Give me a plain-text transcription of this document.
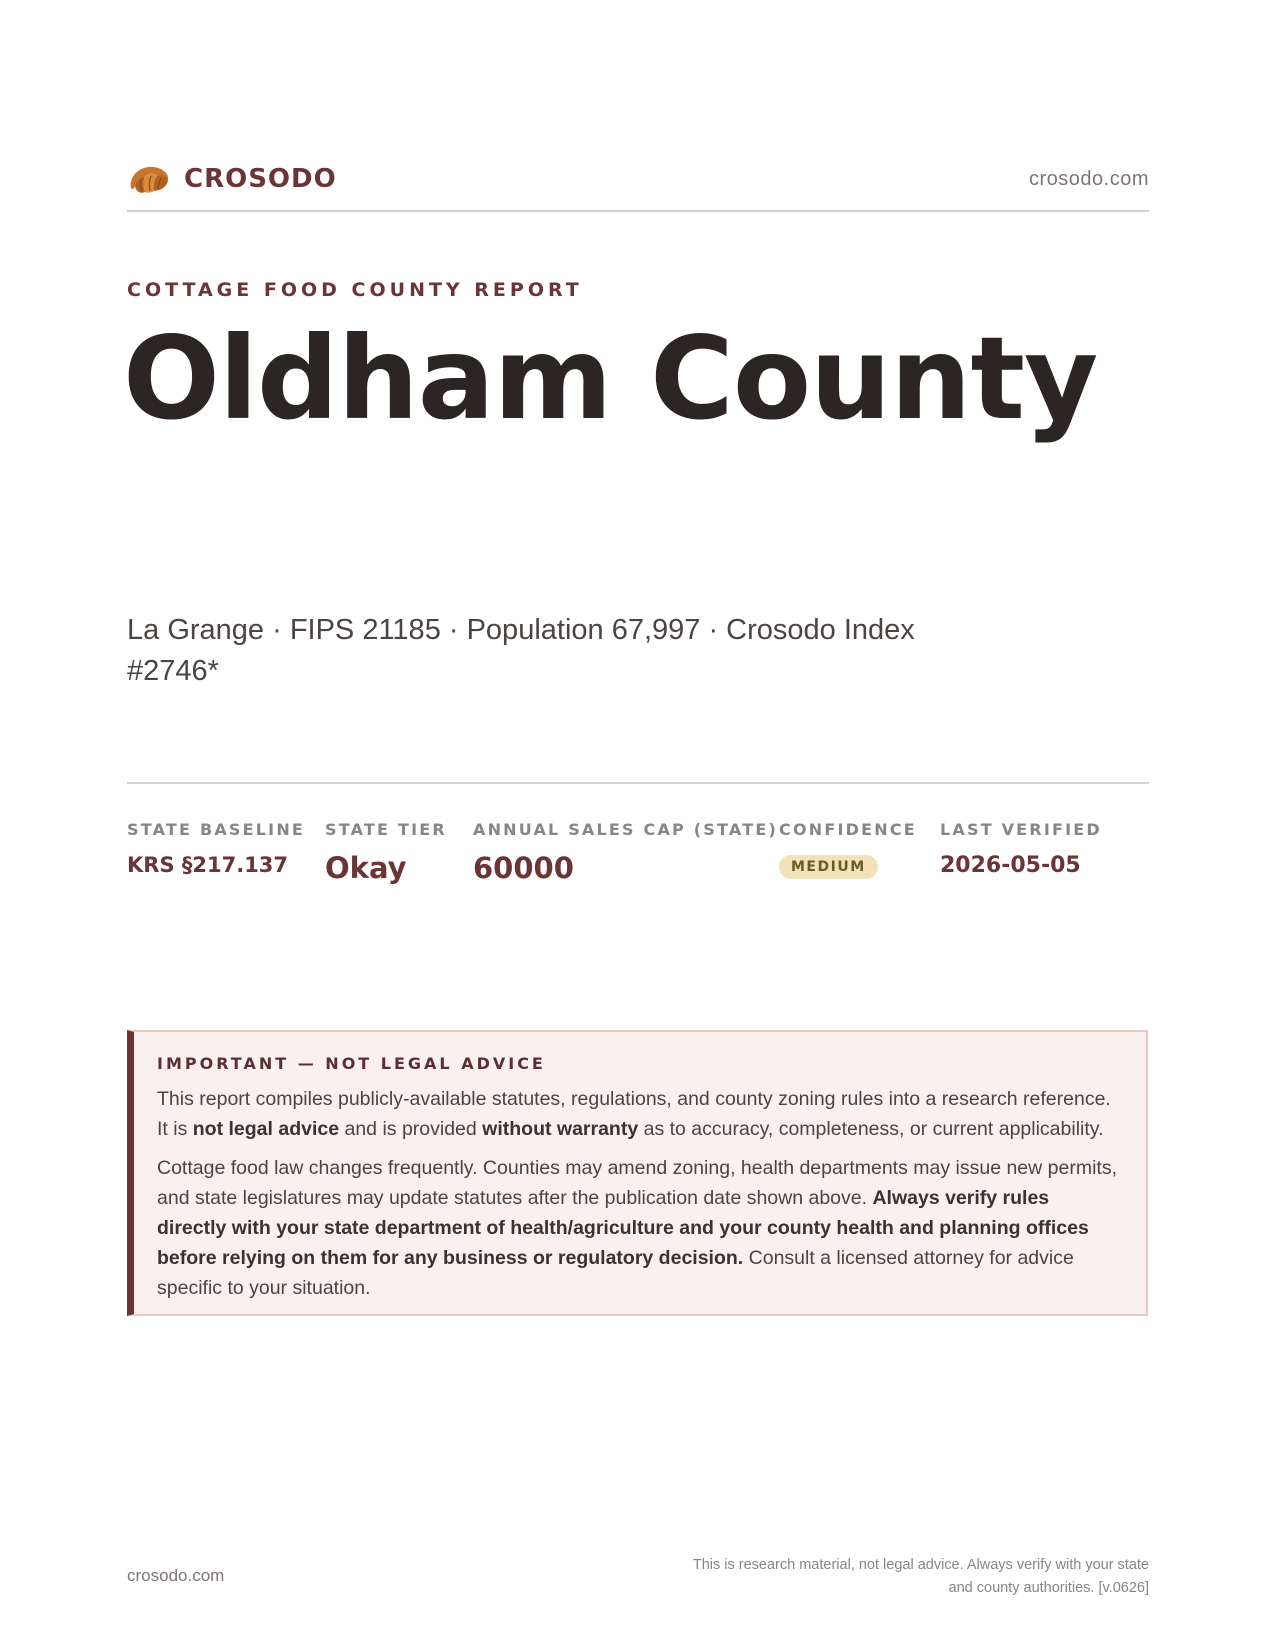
CROSODO	crosodo.com
COTTAGE FOOD COUNTY REPORT
Oldham County
La Grange · FIPS 21185 · Population 67,997 · Crosodo Index #2746*
STATE BASELINE
KRS §217.137
STATE TIER
Okay
ANNUAL SALES CAP (STATE)
60000
CONFIDENCE
MEDIUM
LAST VERIFIED
2026-05-05
IMPORTANT — NOT LEGAL ADVICE

This report compiles publicly-available statutes, regulations, and county zoning rules into a research reference. It is not legal advice and is provided without warranty as to accuracy, completeness, or current applicability.

Cottage food law changes frequently. Counties may amend zoning, health departments may issue new permits, and state legislatures may update statutes after the publication date shown above. Always verify rules directly with your state department of health/agriculture and your county health and planning offices before relying on them for any business or regulatory decision. Consult a licensed attorney for advice specific to your situation.

crosodo.com
This is research material, not legal advice. Always verify with your state
and county authorities. [v.0626]
